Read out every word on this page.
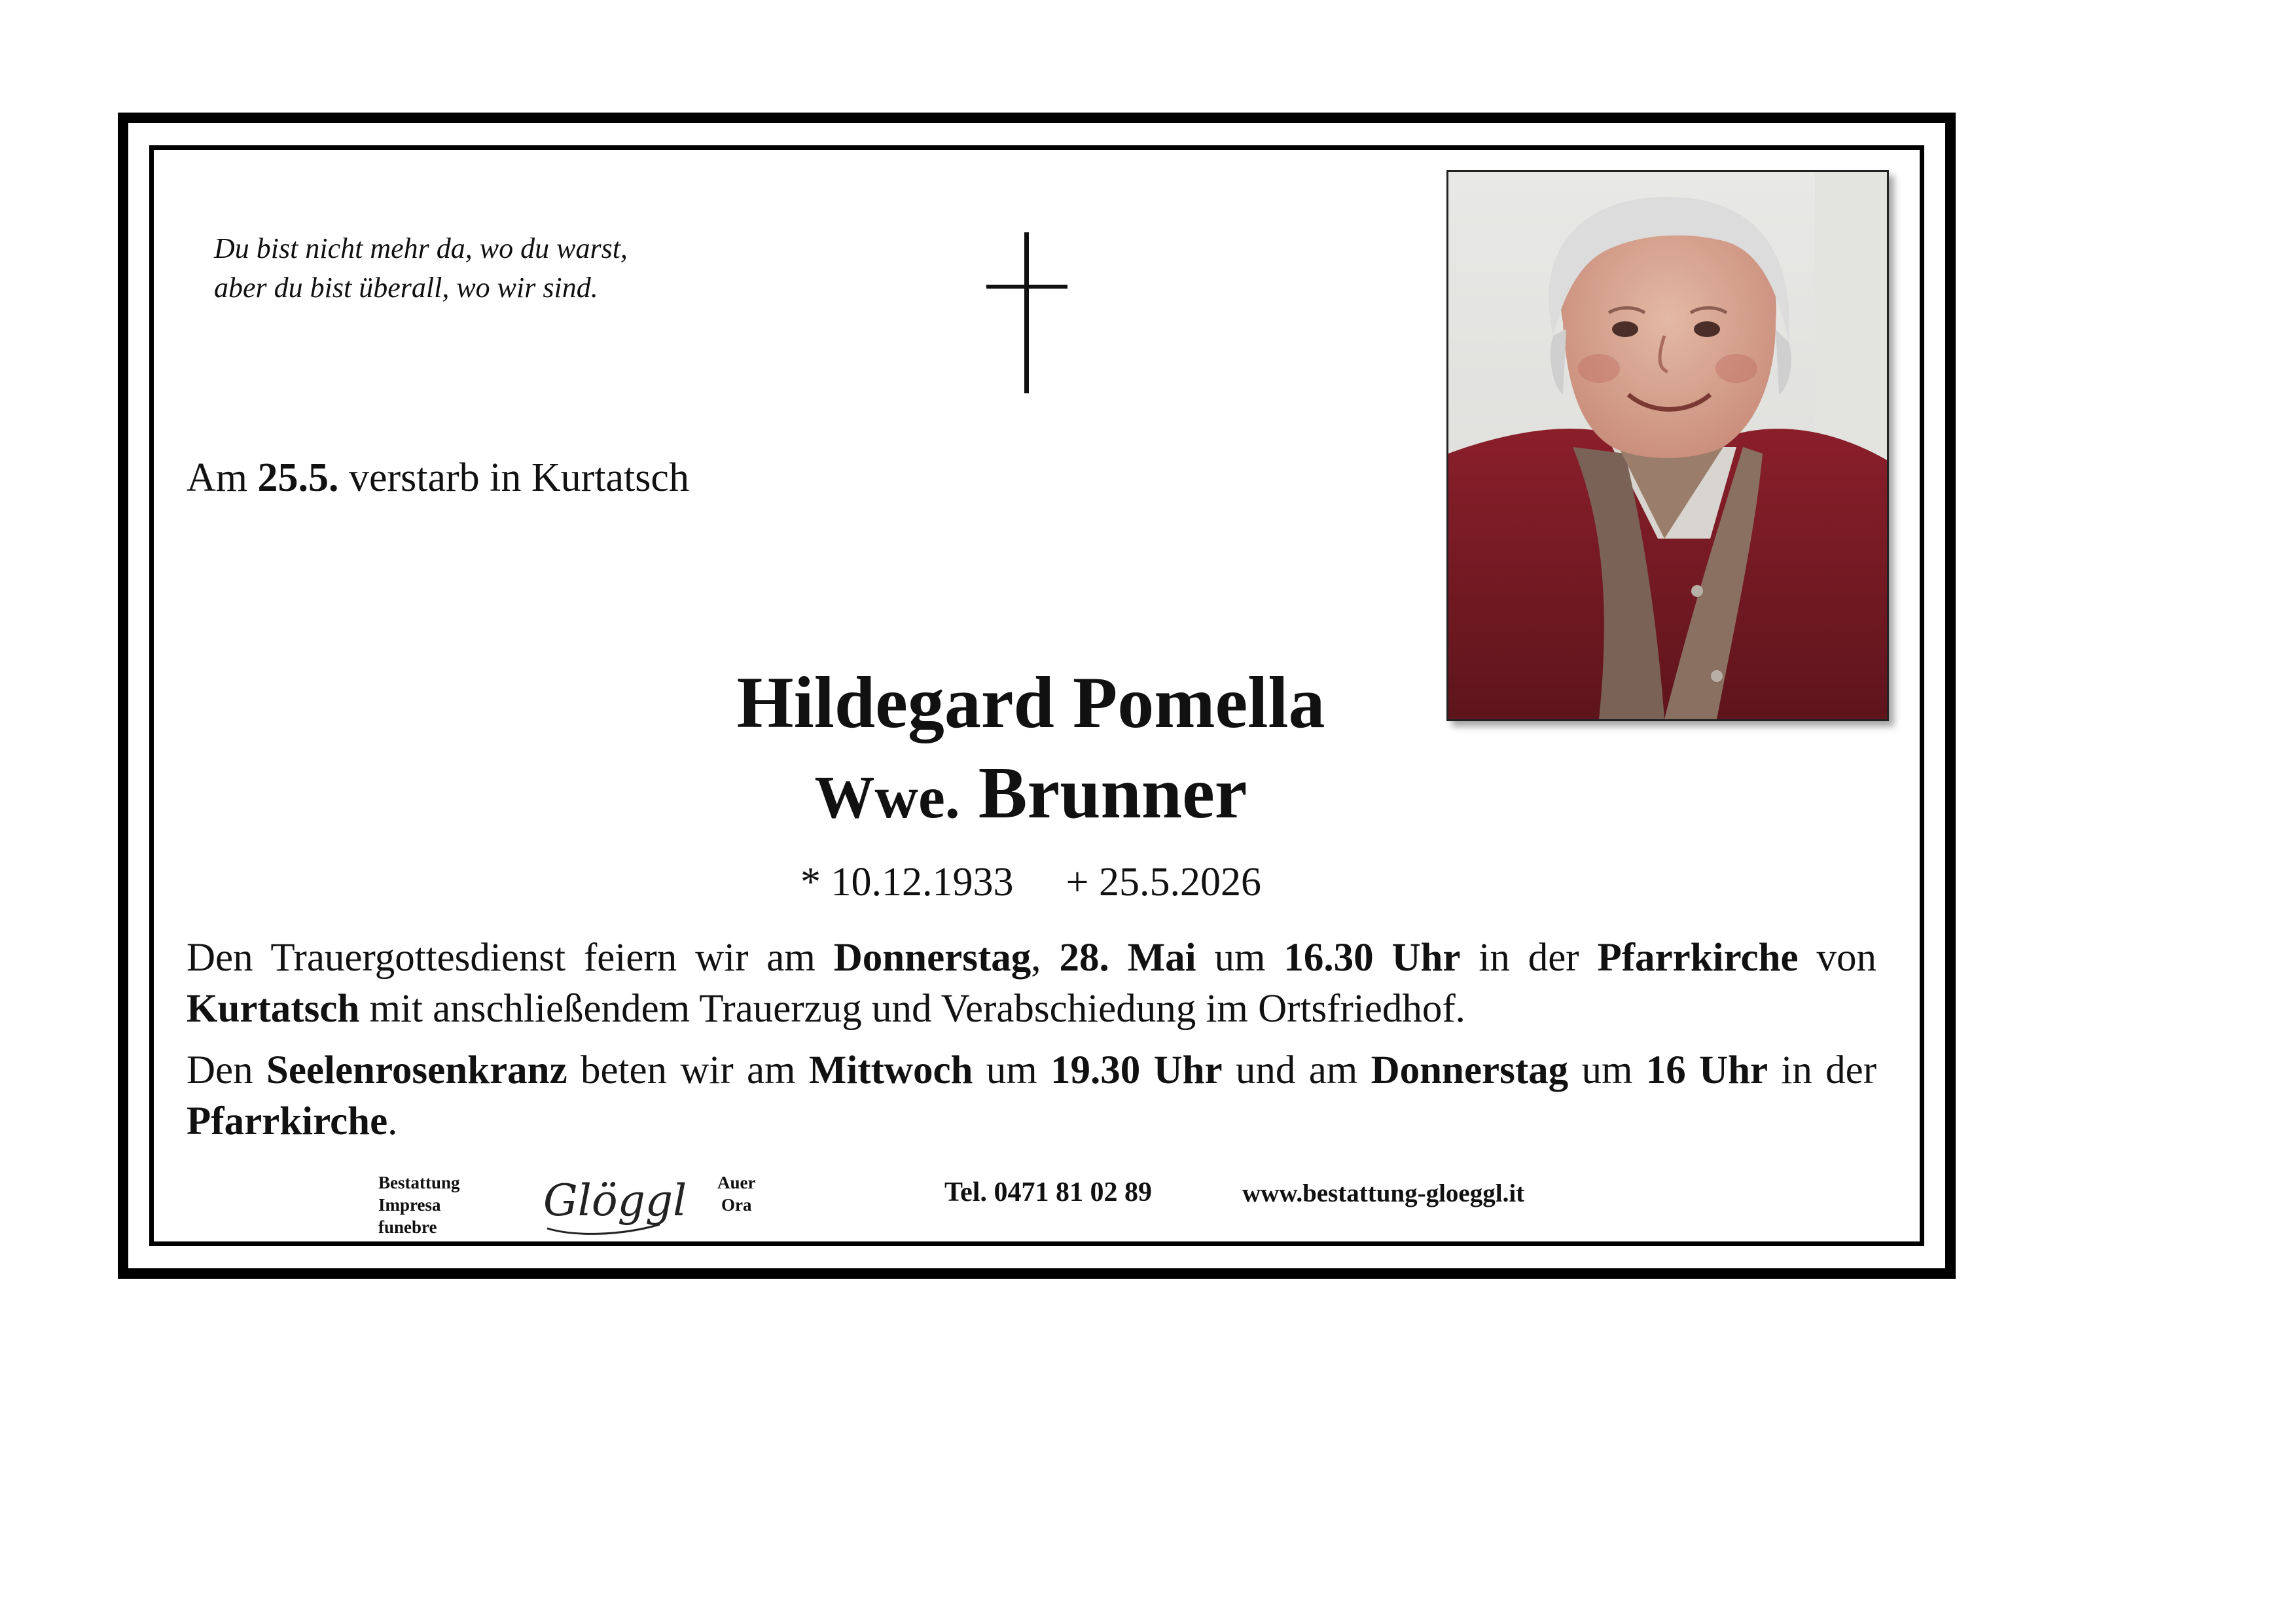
Du bist nicht mehr da, wo du warst,
aber du bist überall, wo wir sind.
Am 25.5. verstarb in Kurtatsch
Hildegard Pomella
Wwe. Brunner
* 10.12.1933 + 25.5.2026
Den Trauergottesdienst feiern wir am Donnerstag, 28. Mai um 16.30 Uhr in der Pfarrkirche von Kurtatsch mit anschließendem Trauerzug und Verabschiedung im Ortsfriedhof.
Den Seelenrosenkranz beten wir am Mittwoch um 19.30 Uhr und am Donnerstag um 16 Uhr in der Pfarrkirche.
Bestattung
Impresa
funebre
Glöggl Auer
Ora	Tel. 0471 81 02 89	www.bestattung-gloeggl.it
